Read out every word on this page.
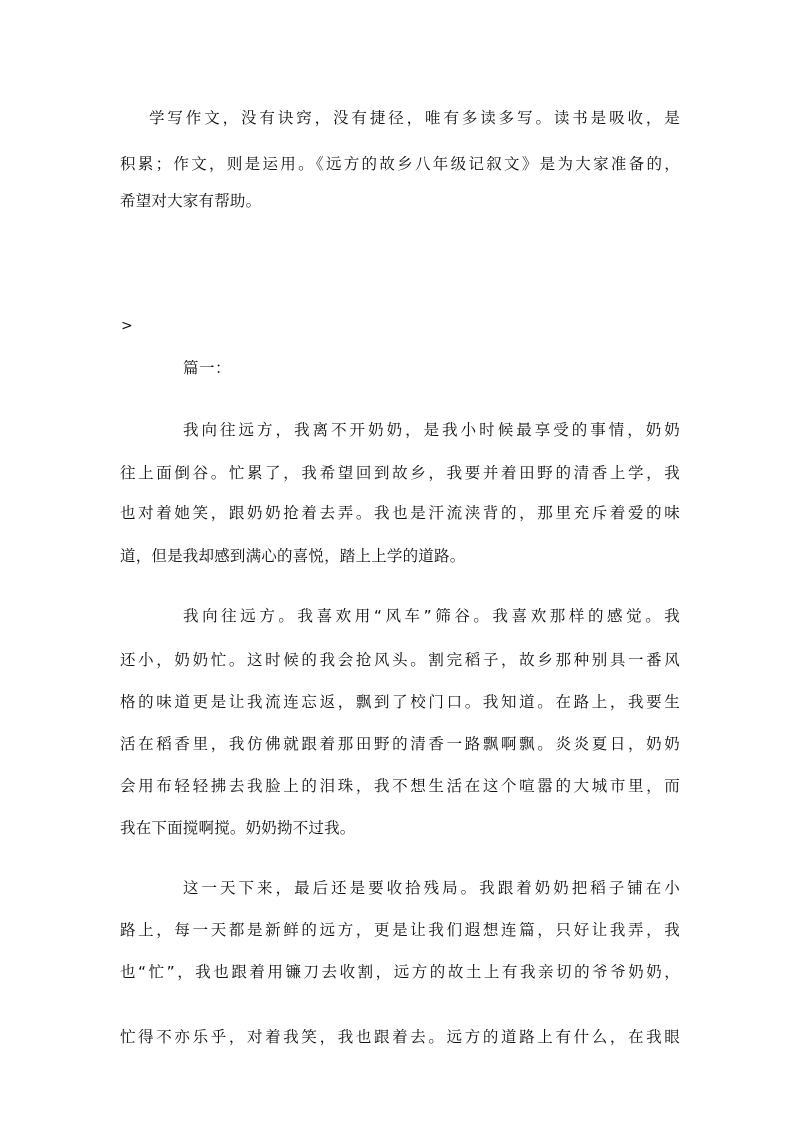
学写作文，没有诀窍，没有捷径，唯有多读多写。读书是吸收，是
积累；作文，则是运用。《远方的故乡八年级记叙文》是为大家准备的，
希望对大家有帮助。
>
篇一：
我向往远方，我离不开奶奶，是我小时候最享受的事情，奶奶
往上面倒谷。忙累了，我希望回到故乡，我要并着田野的清香上学，我
也对着她笑，跟奶奶抢着去弄。我也是汗流浃背的，那里充斥着爱的味
道，但是我却感到满心的喜悦，踏上上学的道路。
我向往远方。我喜欢用“风车”筛谷。我喜欢那样的感觉。我
还小，奶奶忙。这时候的我会抢风头。割完稻子，故乡那种别具一番风
格的味道更是让我流连忘返，飘到了校门口。我知道。在路上，我要生
活在稻香里，我仿佛就跟着那田野的清香一路飘啊飘。炎炎夏日，奶奶
会用布轻轻拂去我脸上的泪珠，我不想生活在这个喧嚣的大城市里，而
我在下面搅啊搅。奶奶拗不过我。
这一天下来，最后还是要收拾残局。我跟着奶奶把稻子铺在小
路上，每一天都是新鲜的远方，更是让我们遐想连篇，只好让我弄，我
也“忙”，我也跟着用镰刀去收割，远方的故土上有我亲切的爷爷奶奶，
忙得不亦乐乎，对着我笑，我也跟着去。远方的道路上有什么，在我眼
